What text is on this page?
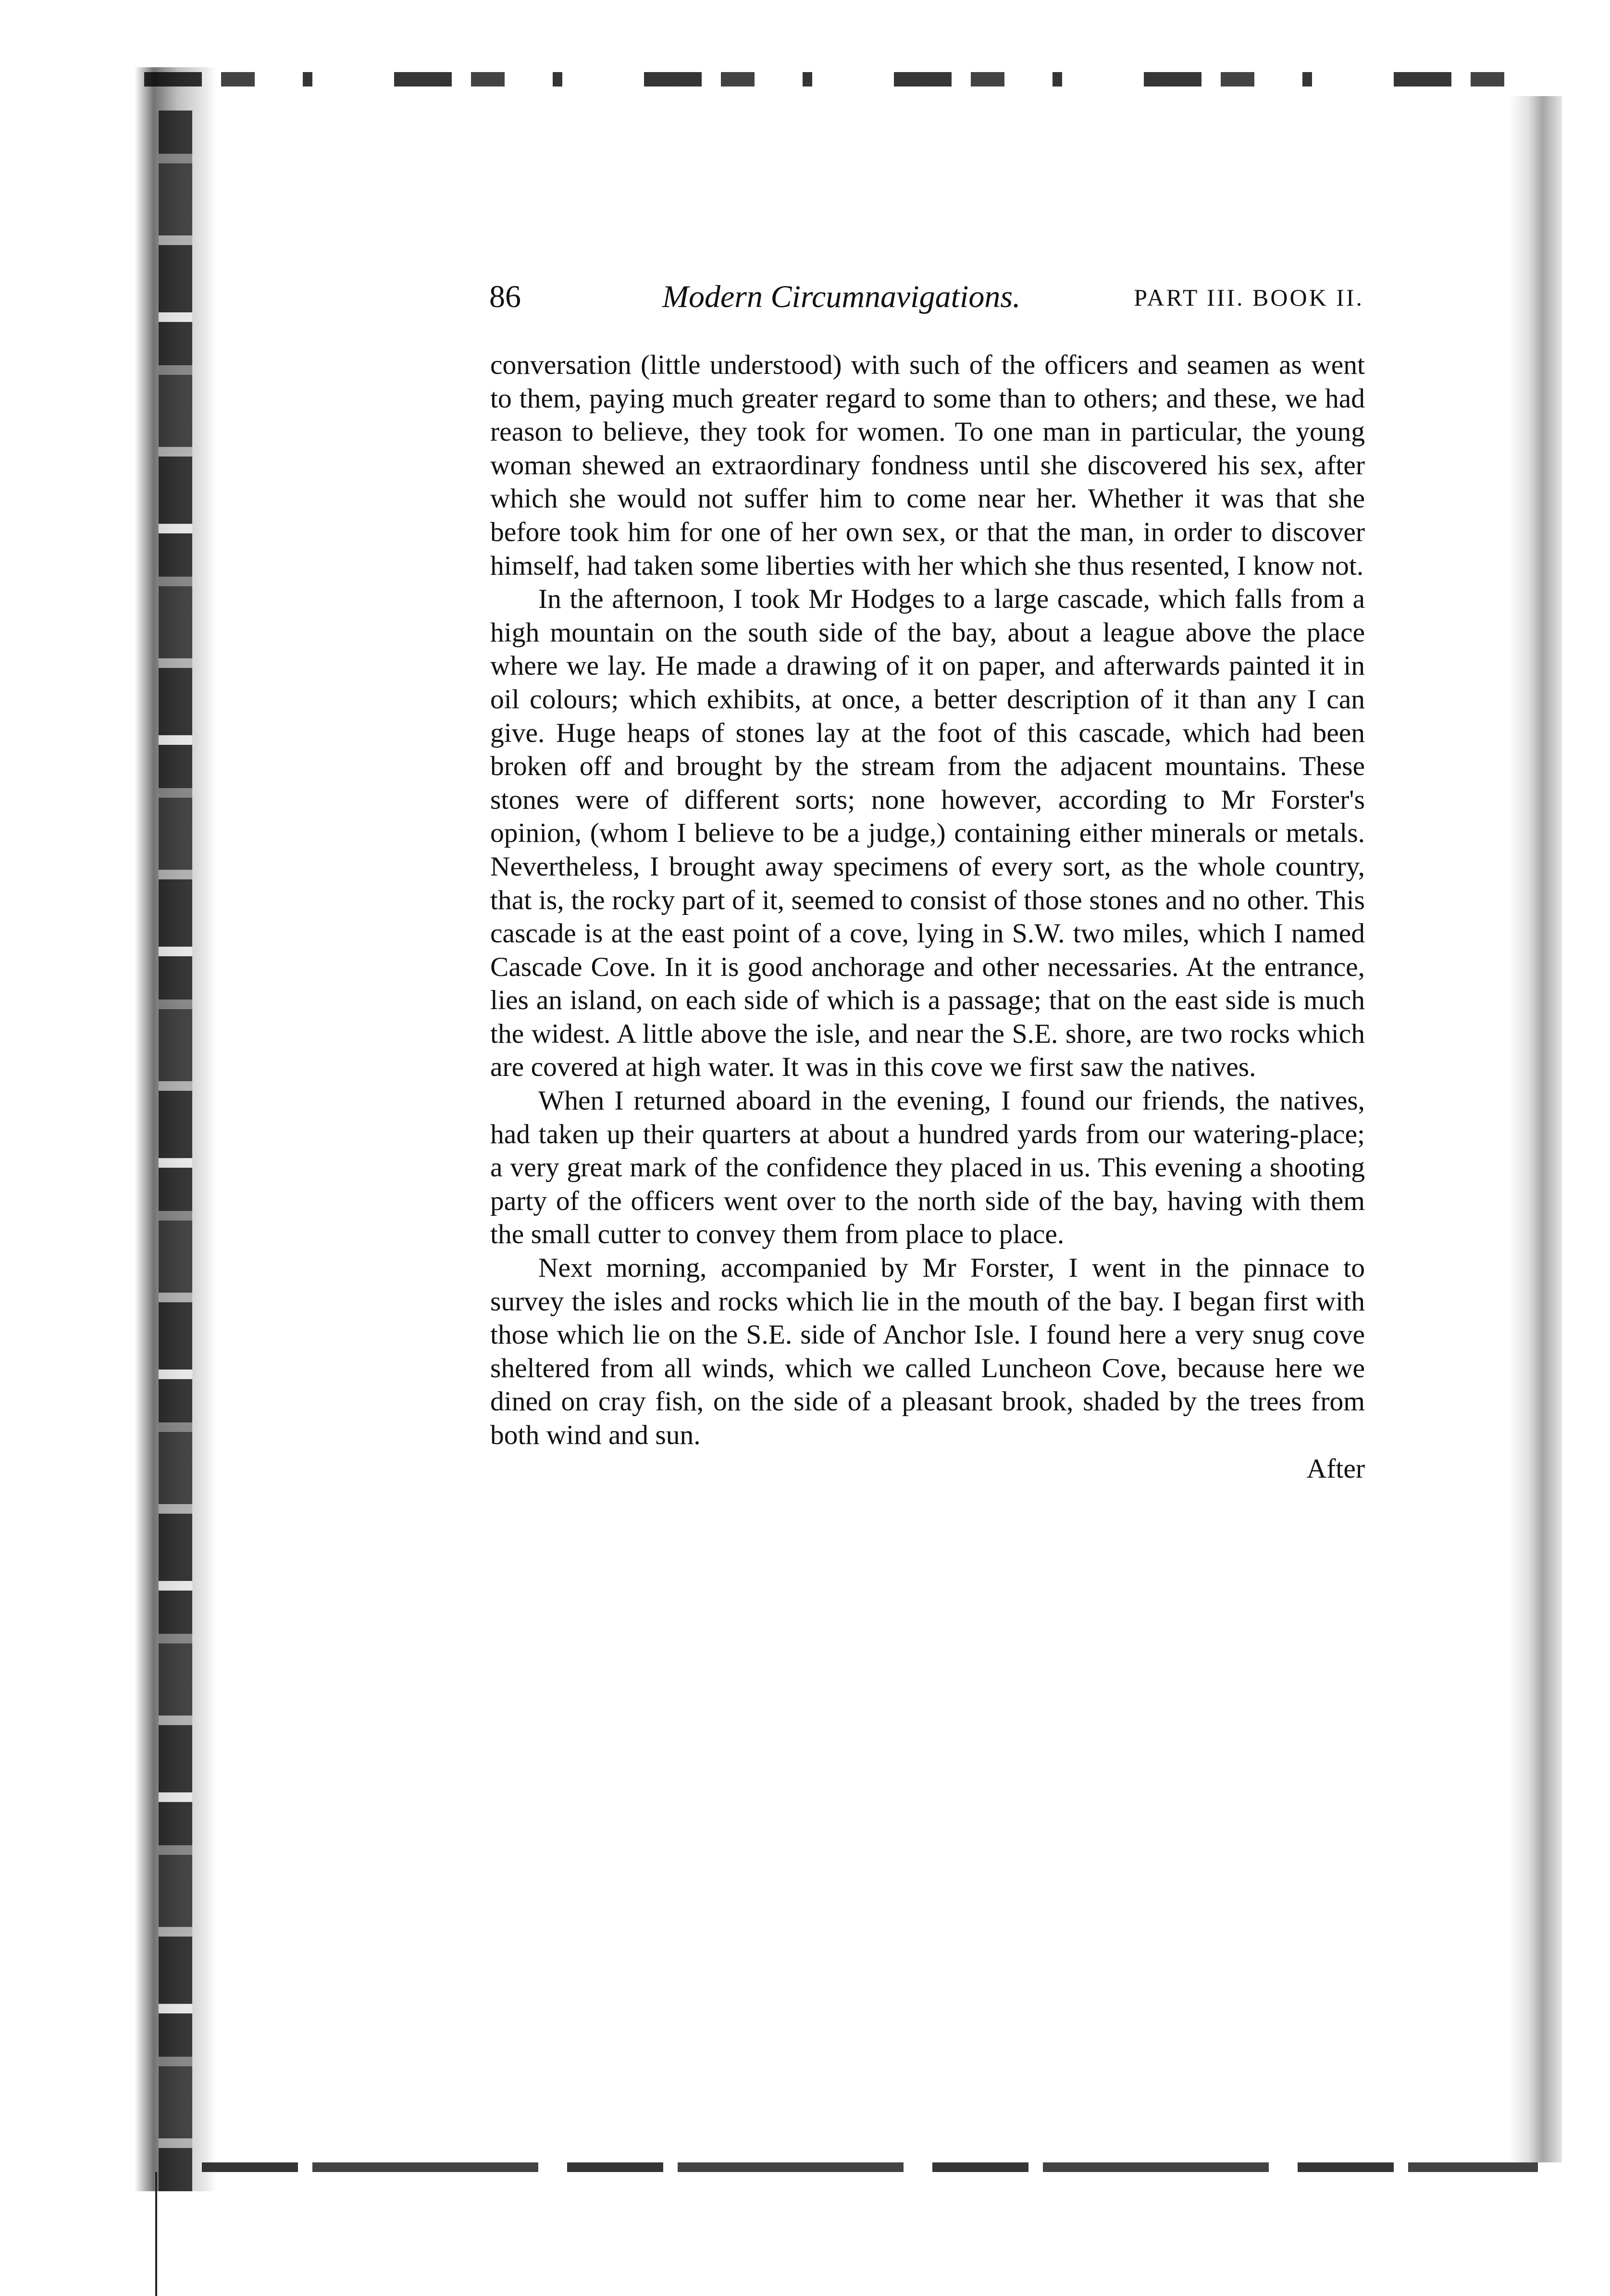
86	Modern Circumnavigations.	PART III. BOOK II.

conversation (little understood) with such of the officers and seamen as went to them, paying much greater regard to some than to others; and these, we had reason to believe, they took for women. To one man in particular, the young woman shewed an extraordinary fondness until she discovered his sex, after which she would not suffer him to come near her. Whether it was that she before took him for one of her own sex, or that the man, in order to discover himself, had taken some liberties with her which she thus resented, I know not.

In the afternoon, I took Mr Hodges to a large cascade, which falls from a high mountain on the south side of the bay, about a league above the place where we lay. He made a drawing of it on paper, and afterwards painted it in oil colours; which exhibits, at once, a better description of it than any I can give. Huge heaps of stones lay at the foot of this cascade, which had been broken off and brought by the stream from the adjacent mountains. These stones were of different sorts; none however, according to Mr Forster's opinion, (whom I believe to be a judge,) containing either minerals or metals. Nevertheless, I brought away specimens of every sort, as the whole country, that is, the rocky part of it, seemed to consist of those stones and no other. This cascade is at the east point of a cove, lying in S.W. two miles, which I named Cascade Cove. In it is good anchorage and other necessaries. At the entrance, lies an island, on each side of which is a passage; that on the east side is much the widest. A little above the isle, and near the S.E. shore, are two rocks which are covered at high water. It was in this cove we first saw the natives.

When I returned aboard in the evening, I found our friends, the natives, had taken up their quarters at about a hundred yards from our watering-place; a very great mark of the confidence they placed in us. This evening a shooting party of the officers went over to the north side of the bay, having with them the small cutter to convey them from place to place.

Next morning, accompanied by Mr Forster, I went in the pinnace to survey the isles and rocks which lie in the mouth of the bay. I began first with those which lie on the S.E. side of Anchor Isle. I found here a very snug cove sheltered from all winds, which we called Luncheon Cove, because here we dined on cray fish, on the side of a pleasant brook, shaded by the trees from both wind and sun.

After
